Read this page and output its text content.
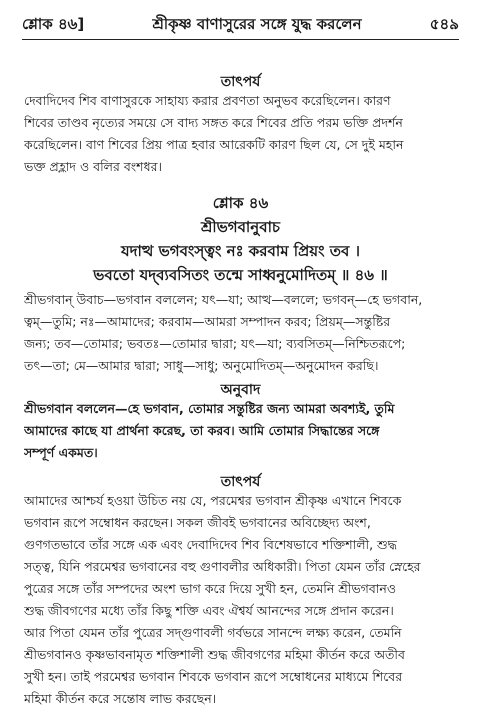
শ্লোক ৪৬]	শ্রীকৃষ্ণ বাণাসুরের সঙ্গে যুদ্ধ করলেন	৫৪৯
তাৎপর্য
দেবাদিদেব শিব বাণাসুরকে সাহায্য করার প্রবণতা অনুভব করেছিলেন। কারণ
শিবের তাণ্ডব নৃত্যের সময়ে সে বাদ্য সঙ্গত করে শিবের প্রতি পরম ভক্তি প্রদর্শন
করেছিলেন। বাণ শিবের প্রিয় পাত্র হবার আরেকটি কারণ ছিল যে, সে দুই মহান
ভক্ত প্রহ্লাদ ও বলির বংশধর।
শ্লোক ৪৬
শ্রীভগবানুবাচ
যদাত্থ ভগবংস্ত্বং নঃ করবাম প্রিয়ং তব ।
ভবতো যদ্‌ব্যবসিতং তন্মে সাধ্বনুমোদিতম্‌ ॥ ৪৬ ॥
শ্রীভগবান্‌ উবাচ—ভগবান বললেন; যৎ—যা; আত্থ—বললে; ভগবন্‌—হে ভগবান,
ত্বম্‌—তুমি; নঃ—আমাদের; করবাম—আমরা সম্পাদন করব; প্রিয়ম্‌—সন্তুষ্টির
জন্য; তব—তোমার; ভবতঃ—তোমার দ্বারা; যৎ—যা; ব্যবসিতম্‌—নিশ্চিতরূপে;
তৎ—তা; মে—আমার দ্বারা; সাধু—সাধু; অনুমোদিতম্‌—অনুমোদন করছি।
অনুবাদ
শ্রীভগবান বললেন—হে ভগবান, তোমার সন্তুষ্টির জন্য আমরা অবশ্যই, তুমি
আমাদের কাছে যা প্রার্থনা করেছ, তা করব। আমি তোমার সিদ্ধান্তের সঙ্গে
সম্পূর্ণ একমত।
তাৎপর্য
আমাদের আশ্চর্য হওয়া উচিত নয় যে, পরমেশ্বর ভগবান শ্রীকৃষ্ণ এখানে শিবকে
ভগবান রূপে সম্বোধন করছেন। সকল জীবই ভগবানের অবিচ্ছেদ্য অংশ,
গুণগতভাবে তাঁর সঙ্গে এক এবং দেবাদিদেব শিব বিশেষভাবে শক্তিশালী, শুদ্ধ
সত্ত্ব, যিনি পরমেশ্বর ভগবানের বহু গুণাবলীর অধিকারী। পিতা যেমন তাঁর স্নেহের
পুত্রের সঙ্গে তাঁর সম্পদের অংশ ভাগ করে দিয়ে সুখী হন, তেমনি শ্রীভগবানও
শুদ্ধ জীবগণের মধ্যে তাঁর কিছু শক্তি এবং ঐশ্বর্য আনন্দের সঙ্গে প্রদান করেন।
আর পিতা যেমন তাঁর পুত্রের সদ্‌গুণাবলী গর্বভরে সানন্দে লক্ষ্য করেন, তেমনি
শ্রীভগবানও কৃষ্ণভাবনামৃত শক্তিশালী শুদ্ধ জীবগণের মহিমা কীর্তন করে অতীব
সুখী হন। তাই পরমেশ্বর ভগবান শিবকে ভগবান রূপে সম্বোধনের মাধ্যমে শিবের
মহিমা কীর্তন করে সন্তোষ লাভ করছেন।
